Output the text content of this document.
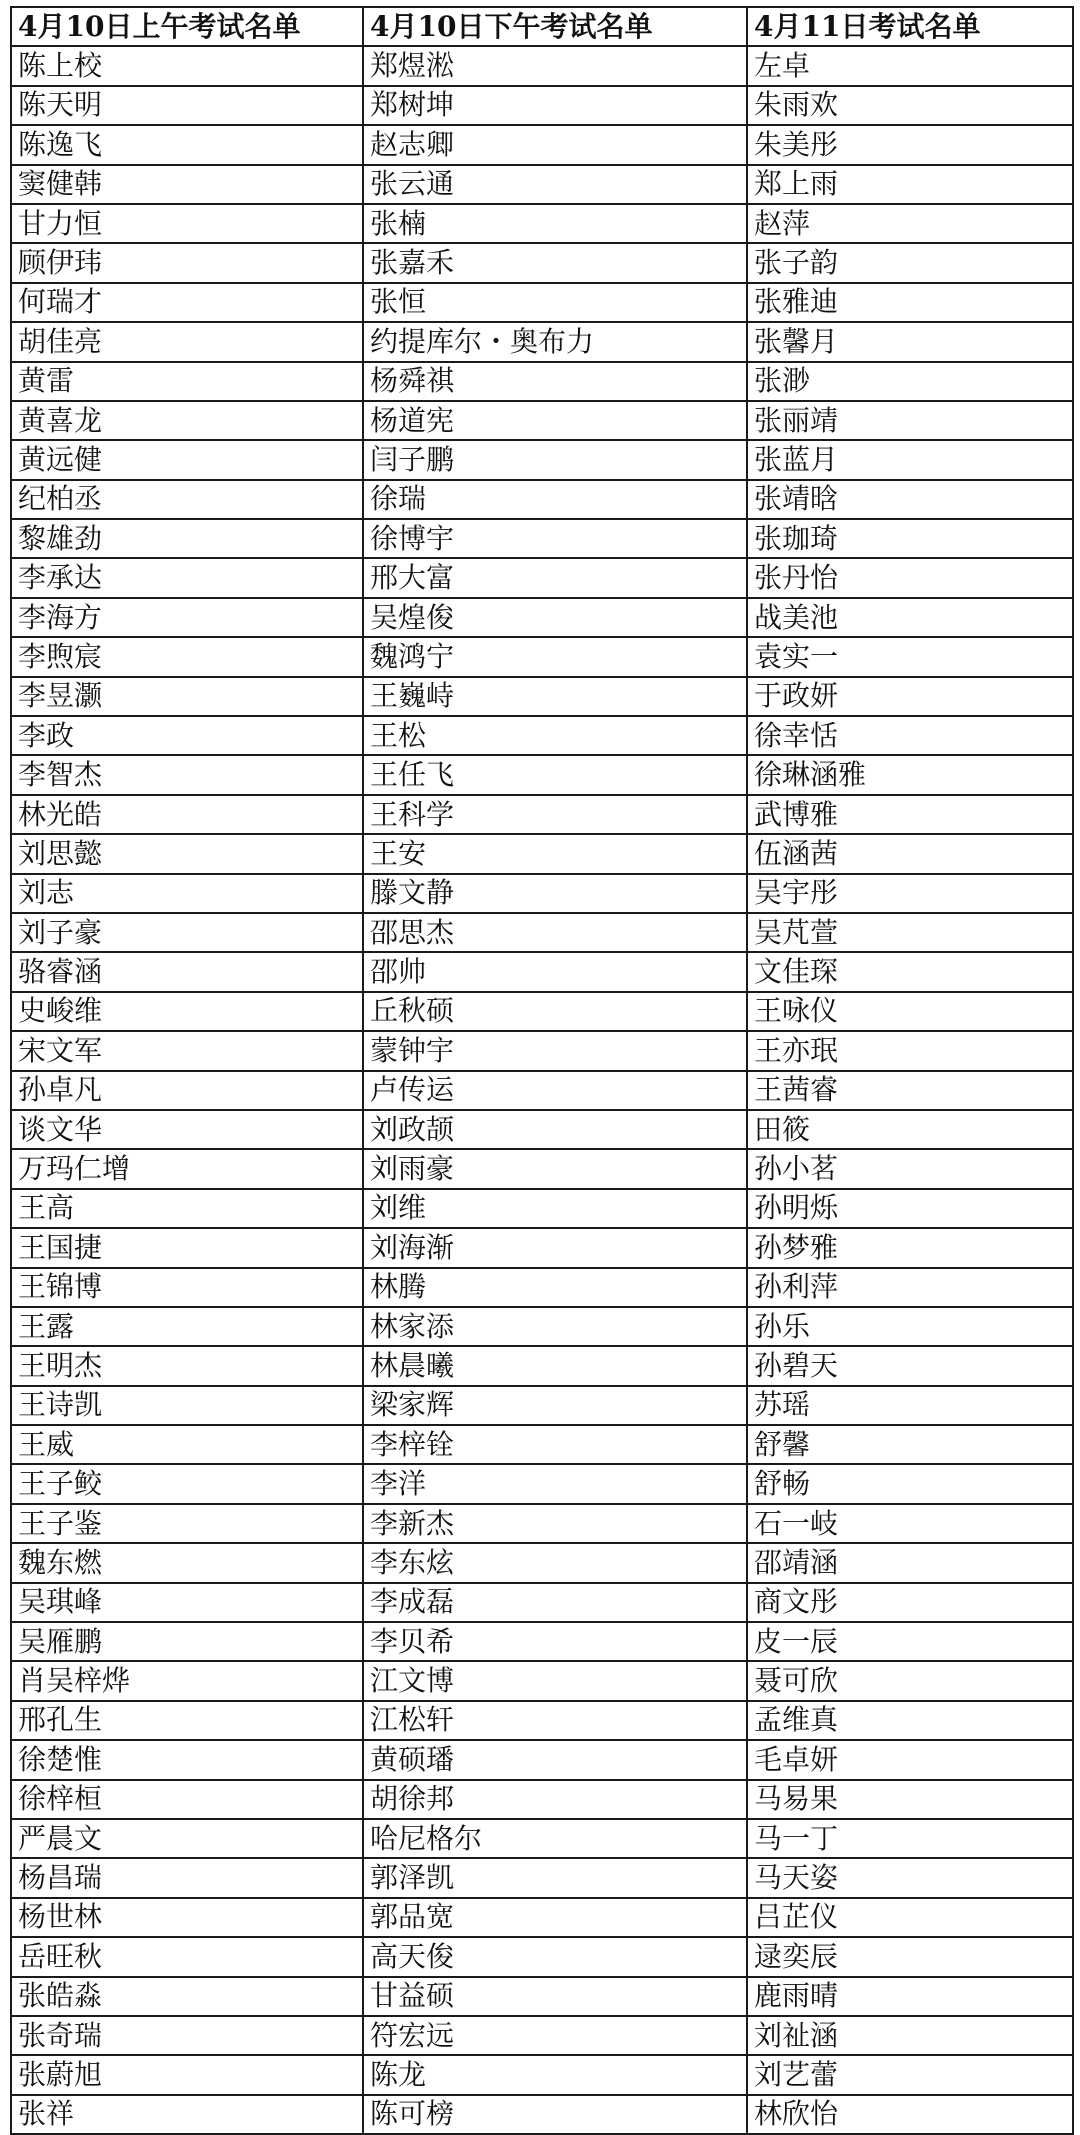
4月10日上午考试名单	4月10日下午考试名单	4月11日考试名单
陈上校	郑煜淞	左卓
陈天明	郑树坤	朱雨欢
陈逸飞	赵志卿	朱美彤
窦健韩	张云通	郑上雨
甘力恒	张楠	赵萍
顾伊玮	张嘉禾	张子韵
何瑞才	张恒	张雅迪
胡佳亮	约提库尔・奥布力	张馨月
黄雷	杨舜祺	张渺
黄喜龙	杨道宪	张丽靖
黄远健	闫子鹏	张蓝月
纪柏丞	徐瑞	张靖晗
黎雄劲	徐博宇	张珈琦
李承达	邢大富	张丹怡
李海方	吴煌俊	战美池
李煦宸	魏鸿宁	袁实一
李昱灏	王巍峙	于政妍
李政	王松	徐幸恬
李智杰	王任飞	徐琳涵雅
林光皓	王科学	武博雅
刘思懿	王安	伍涵茜
刘志	滕文静	吴宇彤
刘子豪	邵思杰	吴芃萱
骆睿涵	邵帅	文佳琛
史峻维	丘秋硕	王咏仪
宋文军	蒙钟宇	王亦珉
孙卓凡	卢传运	王茜睿
谈文华	刘政颉	田筱
万玛仁增	刘雨豪	孙小茗
王高	刘维	孙明烁
王国捷	刘海渐	孙梦雅
王锦博	林腾	孙利萍
王露	林家添	孙乐
王明杰	林晨曦	孙碧天
王诗凯	梁家辉	苏瑶
王威	李梓铨	舒馨
王子鲛	李洋	舒畅
王子鉴	李新杰	石一岐
魏东燃	李东炫	邵靖涵
吴琪峰	李成磊	商文彤
吴雁鹏	李贝希	皮一辰
肖吴梓烨	江文博	聂可欣
邢孔生	江松轩	孟维真
徐楚惟	黄硕璠	毛卓妍
徐梓桓	胡徐邦	马易果
严晨文	哈尼格尔	马一丁
杨昌瑞	郭泽凯	马天姿
杨世林	郭品宽	吕芷仪
岳旺秋	高天俊	逯奕辰
张皓淼	甘益硕	鹿雨晴
张奇瑞	符宏远	刘祉涵
张蔚旭	陈龙	刘艺蕾
张祥	陈可榜	林欣怡
